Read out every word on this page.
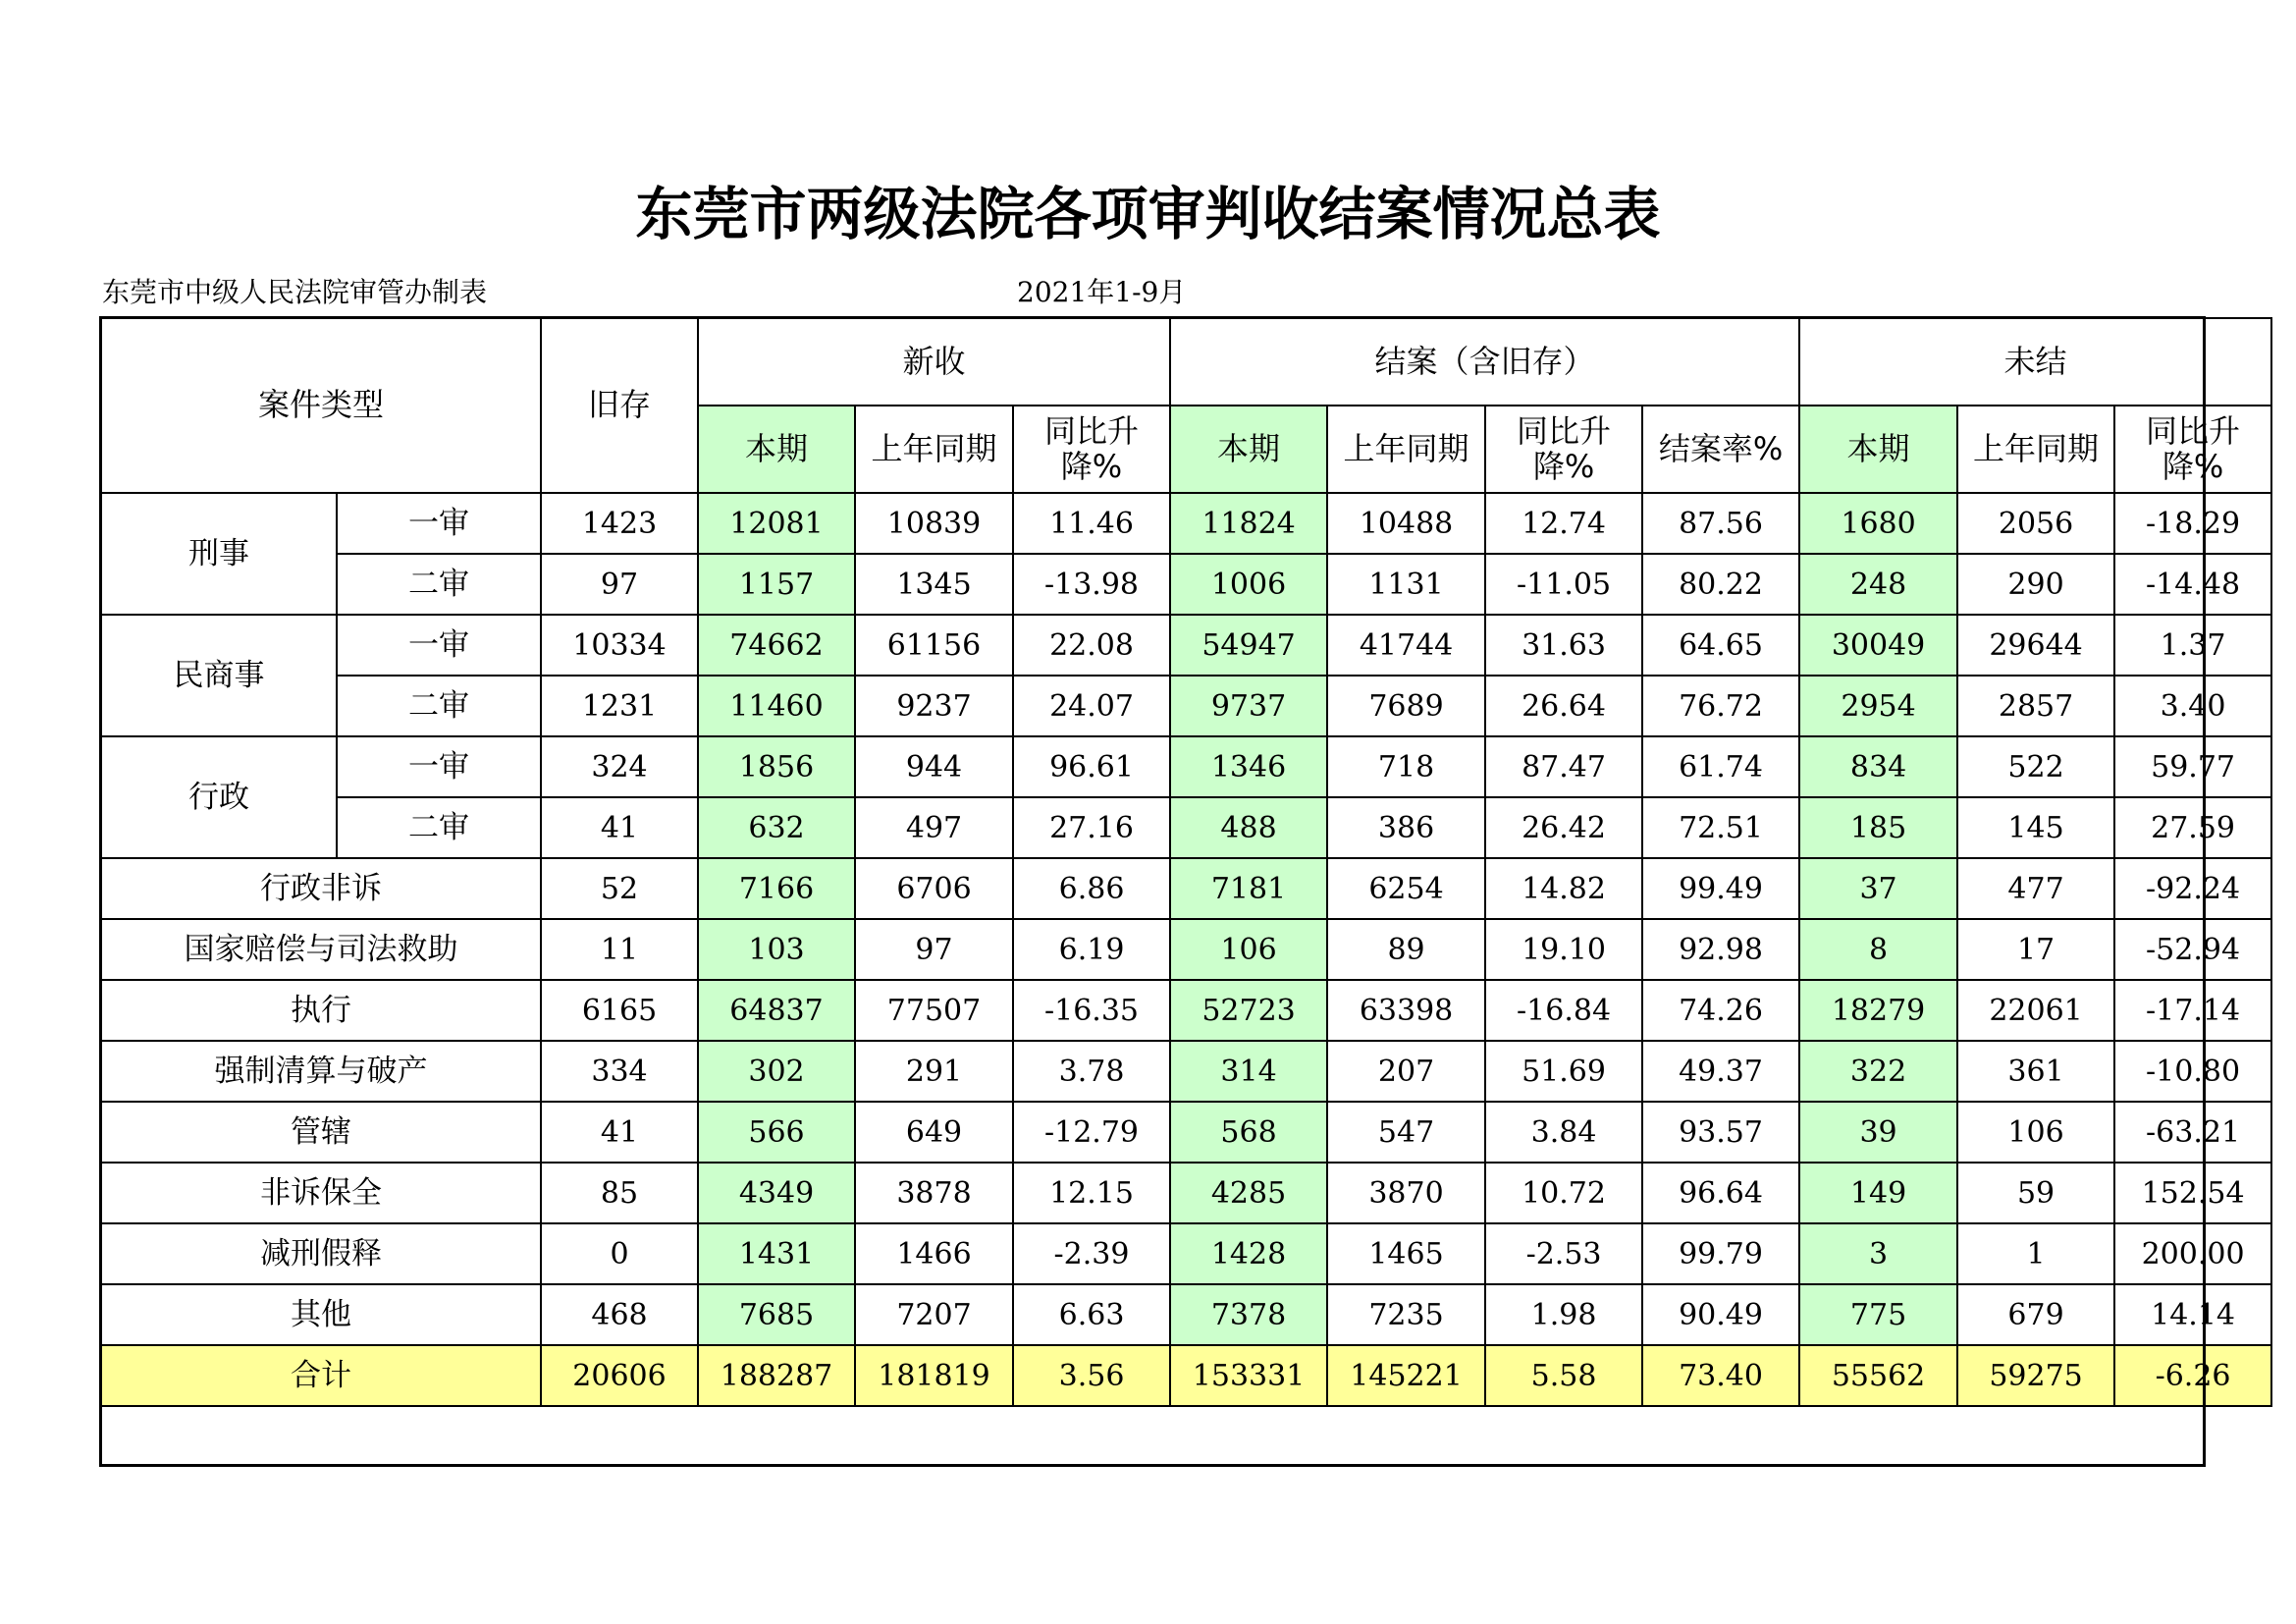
东莞市两级法院各项审判收结案情况总表
东莞市中级人民法院审管办制表	2021年1-9月
案件类型		旧存	新收			结案（含旧存）				未结		
			本期	上年同期	同比升降%	本期	上年同期	同比升降%	结案率%	本期	上年同期	同比升降%
刑事	一审	1423	12081	10839	11.46	11824	10488	12.74	87.56	1680	2056	-18.29
	二审	97	1157	1345	-13.98	1006	1131	-11.05	80.22	248	290	-14.48
民商事	一审	10334	74662	61156	22.08	54947	41744	31.63	64.65	30049	29644	1.37
	二审	1231	11460	9237	24.07	9737	7689	26.64	76.72	2954	2857	3.40
行政	一审	324	1856	944	96.61	1346	718	87.47	61.74	834	522	59.77
	二审	41	632	497	27.16	488	386	26.42	72.51	185	145	27.59
行政非诉		52	7166	6706	6.86	7181	6254	14.82	99.49	37	477	-92.24
国家赔偿与司法救助		11	103	97	6.19	106	89	19.10	92.98	8	17	-52.94
执行		6165	64837	77507	-16.35	52723	63398	-16.84	74.26	18279	22061	-17.14
强制清算与破产		334	302	291	3.78	314	207	51.69	49.37	322	361	-10.80
管辖		41	566	649	-12.79	568	547	3.84	93.57	39	106	-63.21
非诉保全		85	4349	3878	12.15	4285	3870	10.72	96.64	149	59	152.54
减刑假释		0	1431	1466	-2.39	1428	1465	-2.53	99.79	3	1	200.00
其他		468	7685	7207	6.63	7378	7235	1.98	90.49	775	679	14.14
合计		20606	188287	181819	3.56	153331	145221	5.58	73.40	55562	59275	-6.26
